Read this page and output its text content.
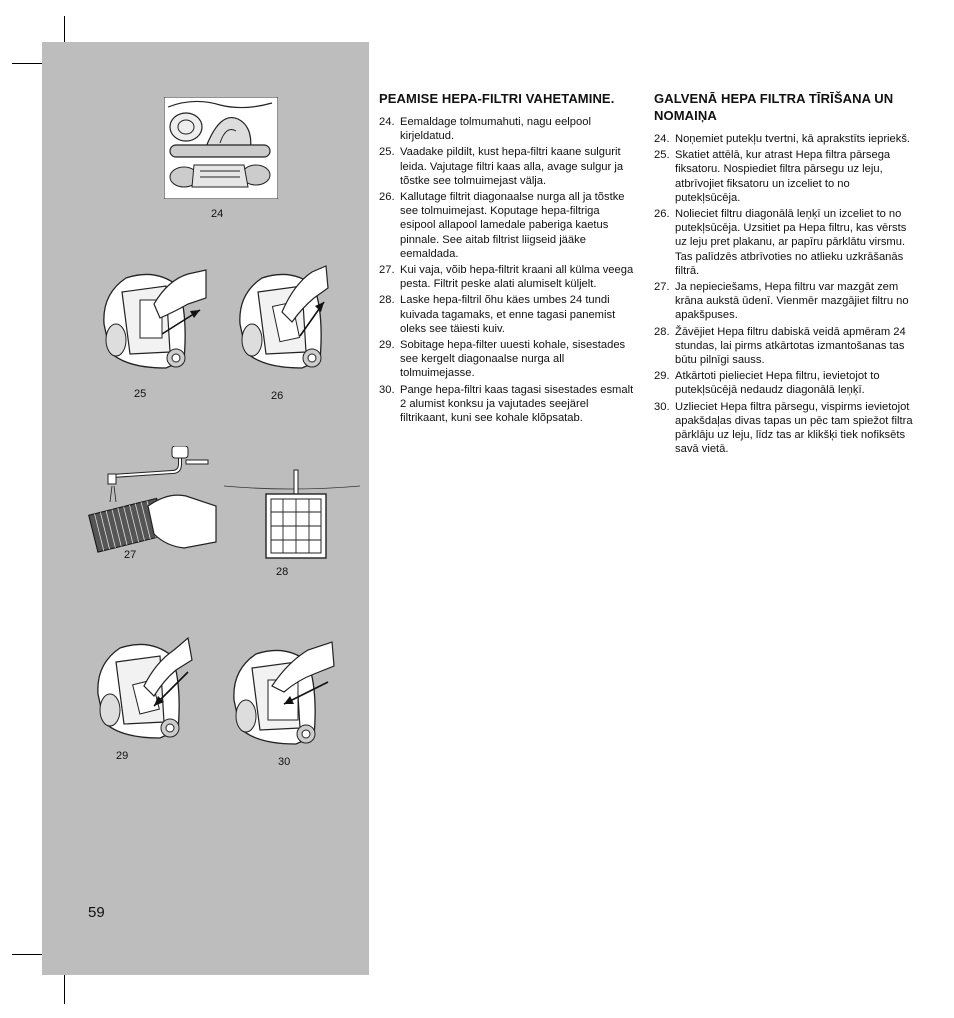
24
25	26
27
28
29	30
59
PEAMISE HEPA-FILTRI VAHETAMINE.
24. Eemaldage tolmumahuti, nagu eelpool kirjeldatud.
25. Vaadake pildilt, kust hepa-filtri kaane sulgurit leida. Vajutage filtri kaas alla, avage sulgur ja tõstke see tolmuimejast välja.
26. Kallutage filtrit diagonaalse nurga all ja tõstke see tolmuimejast. Koputage hepa-filtriga esipool allapool lamedale paberiga kaetus pinnale. See aitab filtrist liigseid jääke eemaldada.
27. Kui vaja, võib hepa-filtrit kraani all külma veega pesta. Filtrit peske alati alumiselt küljelt.
28. Laske hepa-filtril õhu käes umbes 24 tundi kuivada tagamaks, et enne tagasi panemist oleks see täiesti kuiv.
29. Sobitage hepa-filter uuesti kohale, sisestades see kergelt diagonaalse nurga all tolmuimejasse.
30. Pange hepa-filtri kaas tagasi sisestades esmalt 2 alumist konksu ja vajutades seejärel filtrikaant, kuni see kohale klõpsatab.
GALVENĀ HEPA FILTRA TĪRĪŠANA UN NOMAIŅA
24. Noņemiet putekļu tvertni, kā aprakstīts iepriekš.
25. Skatiet attēlā, kur atrast Hepa filtra pārsega fiksatoru. Nospiediet filtra pārsegu uz leju, atbrīvojiet fiksatoru un izceliet to no putekļsūcēja.
26. Nolieciet filtru diagonālā leņķī un izceliet to no putekļsūcēja. Uzsitiet pa Hepa filtru, kas vērsts uz leju pret plakanu, ar papīru pārklātu virsmu. Tas palīdzēs atbrīvoties no atlieku uzkrāšanās filtrā.
27. Ja nepieciešams, Hepa filtru var mazgāt zem krāna aukstā ūdenī. Vienmēr mazgājiet filtru no apakšpuses.
28. Žāvējiet Hepa filtru dabiskā veidā apmēram 24 stundas, lai pirms atkārtotas izmantošanas tas būtu pilnīgi sauss.
29. Atkārtoti pielieciet Hepa filtru, ievietojot to putekļsūcējā nedaudz diagonālā leņķī.
30. Uzlieciet Hepa filtra pārsegu, vispirms ievietojot apakšdaļas divas tapas un pēc tam spiežot filtra pārklāju uz leju, līdz tas ar klikšķi tiek nofiksēts savā vietā.
